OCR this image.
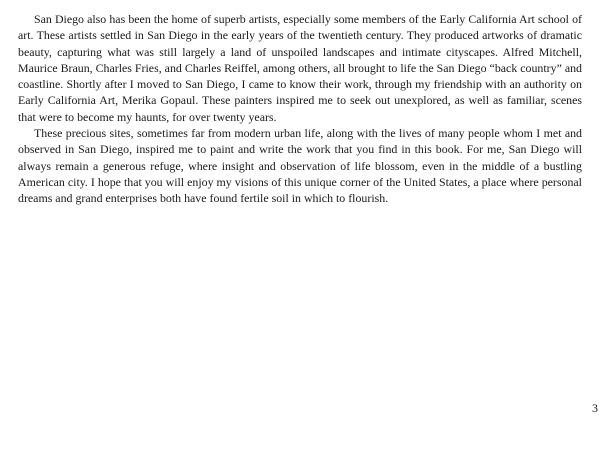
San Diego also has been the home of superb artists, especially some members of the Early California Art school of art. These artists settled in San Diego in the early years of the twentieth century. They produced artworks of dramatic beauty, capturing what was still largely a land of unspoiled landscapes and intimate cityscapes. Alfred Mitchell, Maurice Braun, Charles Fries, and Charles Reiffel, among others, all brought to life the San Diego “back country” and coastline. Shortly after I moved to San Diego, I came to know their work, through my friendship with an authority on Early California Art, Merika Gopaul. These painters inspired me to seek out unexplored, as well as familiar, scenes that were to become my haunts, for over twenty years.

These precious sites, sometimes far from modern urban life, along with the lives of many people whom I met and observed in San Diego, inspired me to paint and write the work that you find in this book. For me, San Diego will always remain a generous refuge, where insight and observation of life blossom, even in the middle of a bustling American city. I hope that you will enjoy my visions of this unique corner of the United States, a place where personal dreams and grand enterprises both have found fertile soil in which to flourish.

3
